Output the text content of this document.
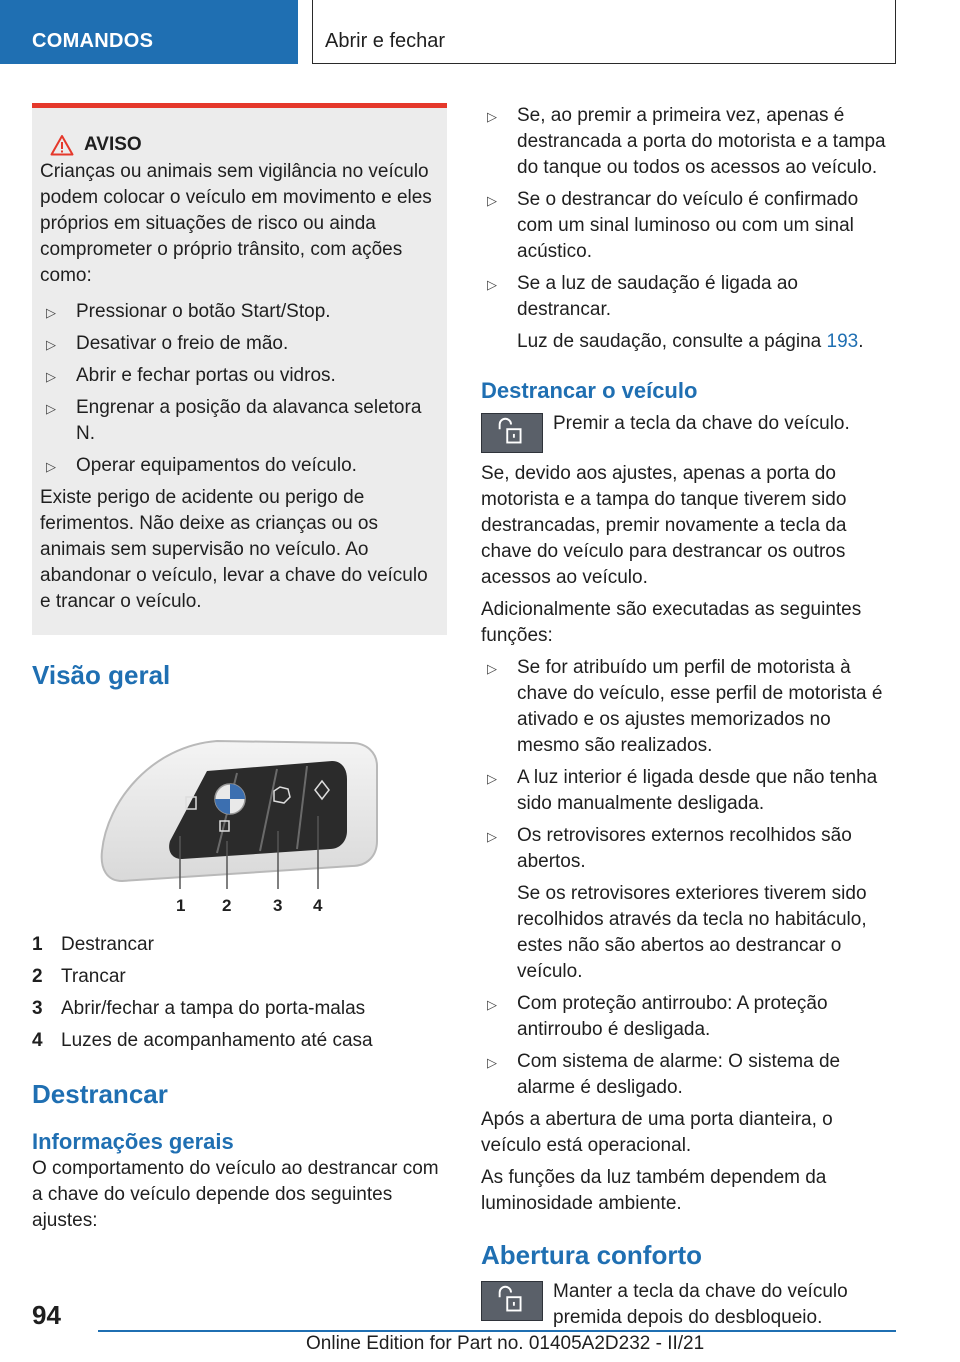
COMANDOS	Abrir e fechar
AVISO

Crianças ou animais sem vigilância no veículo podem colocar o veículo em movimento e eles próprios em situações de risco ou ainda comprometer o próprio trânsito, com ações como:

▷ Pressionar o botão Start/Stop.
▷ Desativar o freio de mão.
▷ Abrir e fechar portas ou vidros.
▷ Engrenar a posição da alavanca seletora N.
▷ Operar equipamentos do veículo.

Existe perigo de acidente ou perigo de ferimentos. Não deixe as crianças ou os animais sem supervisão no veículo. Ao abandonar o veículo, levar a chave do veículo e trancar o veículo.

Visão geral
1 2 3 4
1 Destrancar
2 Trancar
3 Abrir/fechar a tampa do porta-malas
4 Luzes de acompanhamento até casa
Destrancar
Informações gerais

O comportamento do veículo ao destrancar com a chave do veículo depende dos seguintes ajustes:

▷ Se, ao premir a primeira vez, apenas é destrancada a porta do motorista e a tampa do tanque ou todos os acessos ao veículo.
▷ Se o destrancar do veículo é confirmado com um sinal luminoso ou com um sinal acústico.
▷ Se a luz de saudação é ligada ao destrancar.
Luz de saudação, consulte a página 193.
Destrancar o veículo

Premir a tecla da chave do veículo.

Se, devido aos ajustes, apenas a porta do motorista e a tampa do tanque tiverem sido destrancadas, premir novamente a tecla da chave do veículo para destrancar os outros acessos ao veículo.

Adicionalmente são executadas as seguintes funções:

▷ Se for atribuído um perfil de motorista à chave do veículo, esse perfil de motorista é ativado e os ajustes memorizados no mesmo são realizados.
▷ A luz interior é ligada desde que não tenha sido manualmente desligada.
▷ Os retrovisores externos recolhidos são abertos.
Se os retrovisores exteriores tiverem sido recolhidos através da tecla no habitáculo, estes não são abertos ao destrancar o veículo.
▷ Com proteção antirroubo: A proteção antirroubo é desligada.
▷ Com sistema de alarme: O sistema de alarme é desligado.

Após a abertura de uma porta dianteira, o veículo está operacional.

As funções da luz também dependem da luminosidade ambiente.

Abertura conforto

Manter a tecla da chave do veículo premida depois do desbloqueio.

94
Online Edition for Part no. 01405A2D232 - II/21
